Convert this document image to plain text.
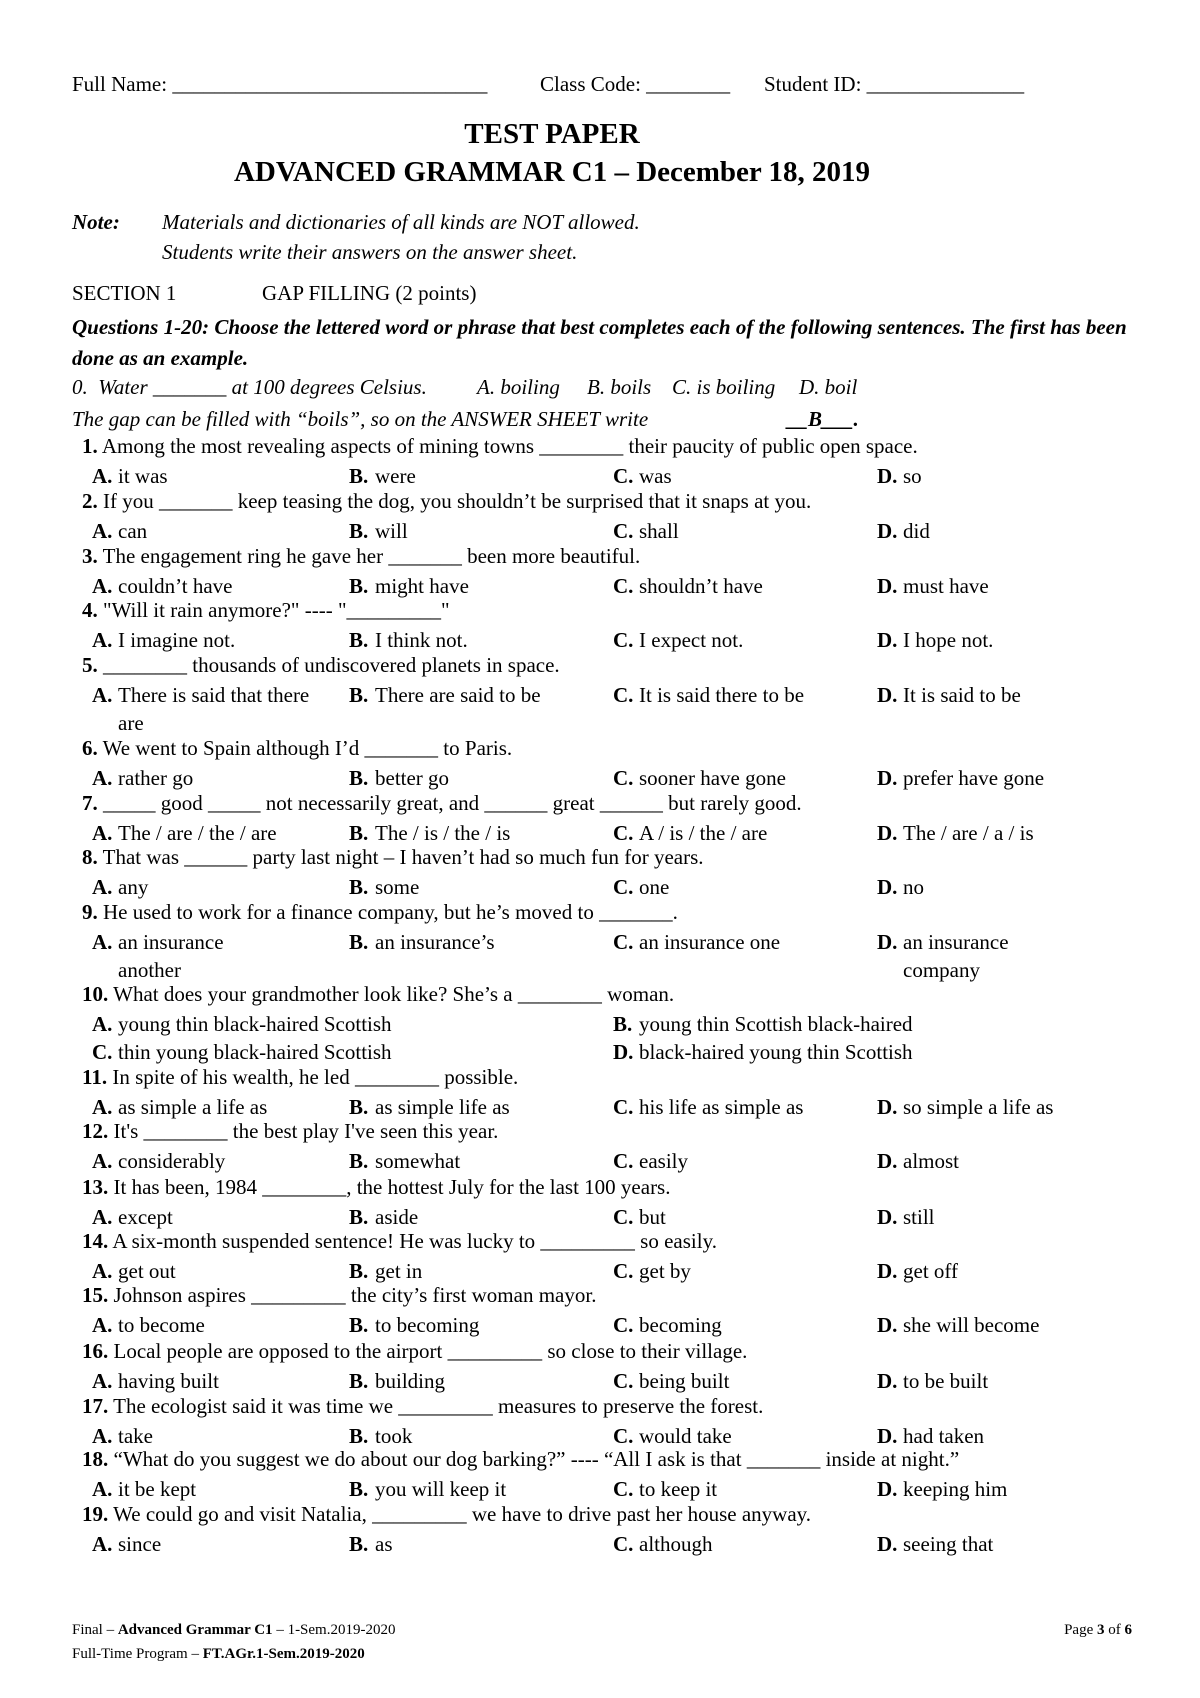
Full Name: ______________________________	Class Code: ________ Student ID: _______________
TEST PAPER
ADVANCED GRAMMAR C1 – December 18, 2019
Note: Materials and dictionaries of all kinds are NOT allowed.
Students write their answers on the answer sheet.
SECTION 1	GAP FILLING (2 points)
Questions 1-20: Choose the lettered word or phrase that best completes each of the following sentences. The first has been done as an example.
0.  Water _______ at 100 degrees Celsius. A. boiling B. boils C. is boiling D. boil
The gap can be filled with “boils”, so on the ANSWER SHEET write	__B___.
1. Among the most revealing aspects of mining towns ________ their paucity of public open space.
A. it was	B. were	C. was	D. so
2. If you _______ keep teasing the dog, you shouldn’t be surprised that it snaps at you.
A. can	B. will	C. shall	D. did
3. The engagement ring he gave her _______ been more beautiful.
A. couldn’t have	B. might have	C. shouldn’t have	D. must have
4. "Will it rain anymore?" ---- "_________"
A. I imagine not.	B. I think not.	C. I expect not.	D. I hope not.
5. ________ thousands of undiscovered planets in space.
A. There is said that there are
B. There are said to be	C. It is said there to be	D. It is said to be
6. We went to Spain although I’d _______ to Paris.
A. rather go	B. better go	C. sooner have gone	D. prefer have gone
7. _____ good _____ not necessarily great, and ______ great ______ but rarely good.
A. The / are / the / are	B. The / is / the / is	C. A / is / the / are	D. The / are / a / is
8. That was ______ party last night – I haven’t had so much fun for years.
A. any	B. some	C. one	D. no
9. He used to work for a finance company, but he’s moved to _______.
A. an insurance another
B. an insurance’s	C. an insurance one	D. an insurance company
10. What does your grandmother look like? She’s a ________ woman.
A. young thin black-haired Scottish	B. young thin Scottish black-haired
C. thin young black-haired Scottish	D. black-haired young thin Scottish
11. In spite of his wealth, he led ________ possible.
A. as simple a life as	B. as simple life as	C. his life as simple as	D. so simple a life as
12. It's ________ the best play I've seen this year.
A. considerably	B. somewhat	C. easily	D. almost
13. It has been, 1984 ________, the hottest July for the last 100 years.
A. except	B. aside	C. but	D. still
14. A six-month suspended sentence! He was lucky to _________ so easily.
A. get out	B. get in	C. get by	D. get off
15. Johnson aspires _________ the city’s first woman mayor.
A. to become	B. to becoming	C. becoming	D. she will become
16. Local people are opposed to the airport _________ so close to their village.
A. having built	B. building	C. being built	D. to be built
17. The ecologist said it was time we _________ measures to preserve the forest.
A. take	B. took	C. would take	D. had taken
18. “What do you suggest we do about our dog barking?” ---- “All I ask is that _______ inside at night.”
A. it be kept	B. you will keep it	C. to keep it	D. keeping him
19. We could go and visit Natalia, _________ we have to drive past her house anyway.
A. since	B. as	C. although	D. seeing that
Final – Advanced Grammar C1 – 1-Sem.2019-2020	Page 3 of 6
Full-Time Program – FT.AGr.1-Sem.2019-2020
